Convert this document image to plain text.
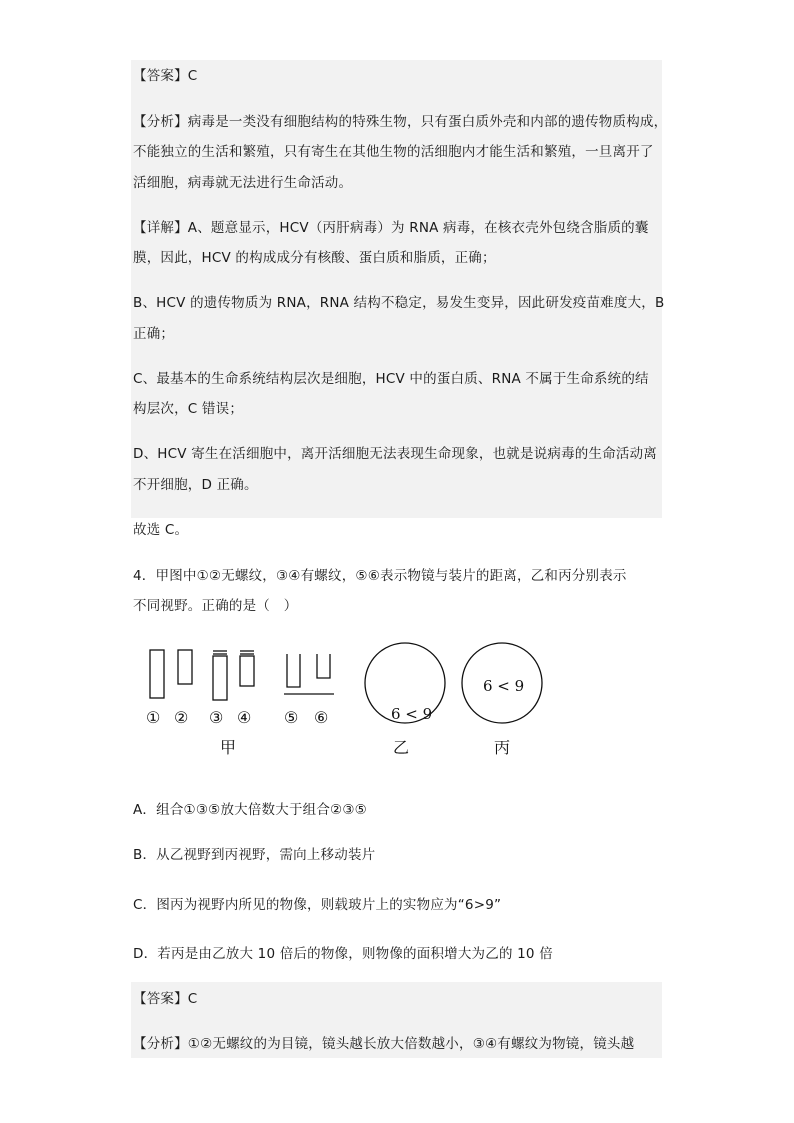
【答案】C
【分析】病毒是一类没有细胞结构的特殊生物，只有蛋白质外壳和内部的遗传物质构成，
不能独立的生活和繁殖，只有寄生在其他生物的活细胞内才能生活和繁殖，一旦离开了
活细胞，病毒就无法进行生命活动。
【详解】A、题意显示，HCV（丙肝病毒）为 RNA 病毒，在核衣壳外包绕含脂质的囊
膜，因此，HCV 的构成成分有核酸、蛋白质和脂质，正确；
B、HCV 的遗传物质为 RNA，RNA 结构不稳定，易发生变异，因此研发疫苗难度大，B
正确；
C、最基本的生命系统结构层次是细胞，HCV 中的蛋白质、RNA 不属于生命系统的结
构层次，C 错误；
D、HCV 寄生在活细胞中，离开活细胞无法表现生命现象，也就是说病毒的生命活动离
不开细胞，D 正确。
故选 C。
4．甲图中①②无螺纹，③④有螺纹，⑤⑥表示物镜与装片的距离，乙和丙分别表示
不同视野。正确的是（　）
① ② ③ ④ ⑤ ⑥
甲	乙	丙
6 < 9
6 < 9
A．组合①③⑤放大倍数大于组合②③⑤
B．从乙视野到丙视野，需向上移动装片
C．图丙为视野内所见的物像，则载玻片上的实物应为“6>9”
D．若丙是由乙放大 10 倍后的物像，则物像的面积增大为乙的 10 倍
【答案】C
【分析】①②无螺纹的为目镜，镜头越长放大倍数越小，③④有螺纹为物镜，镜头越
